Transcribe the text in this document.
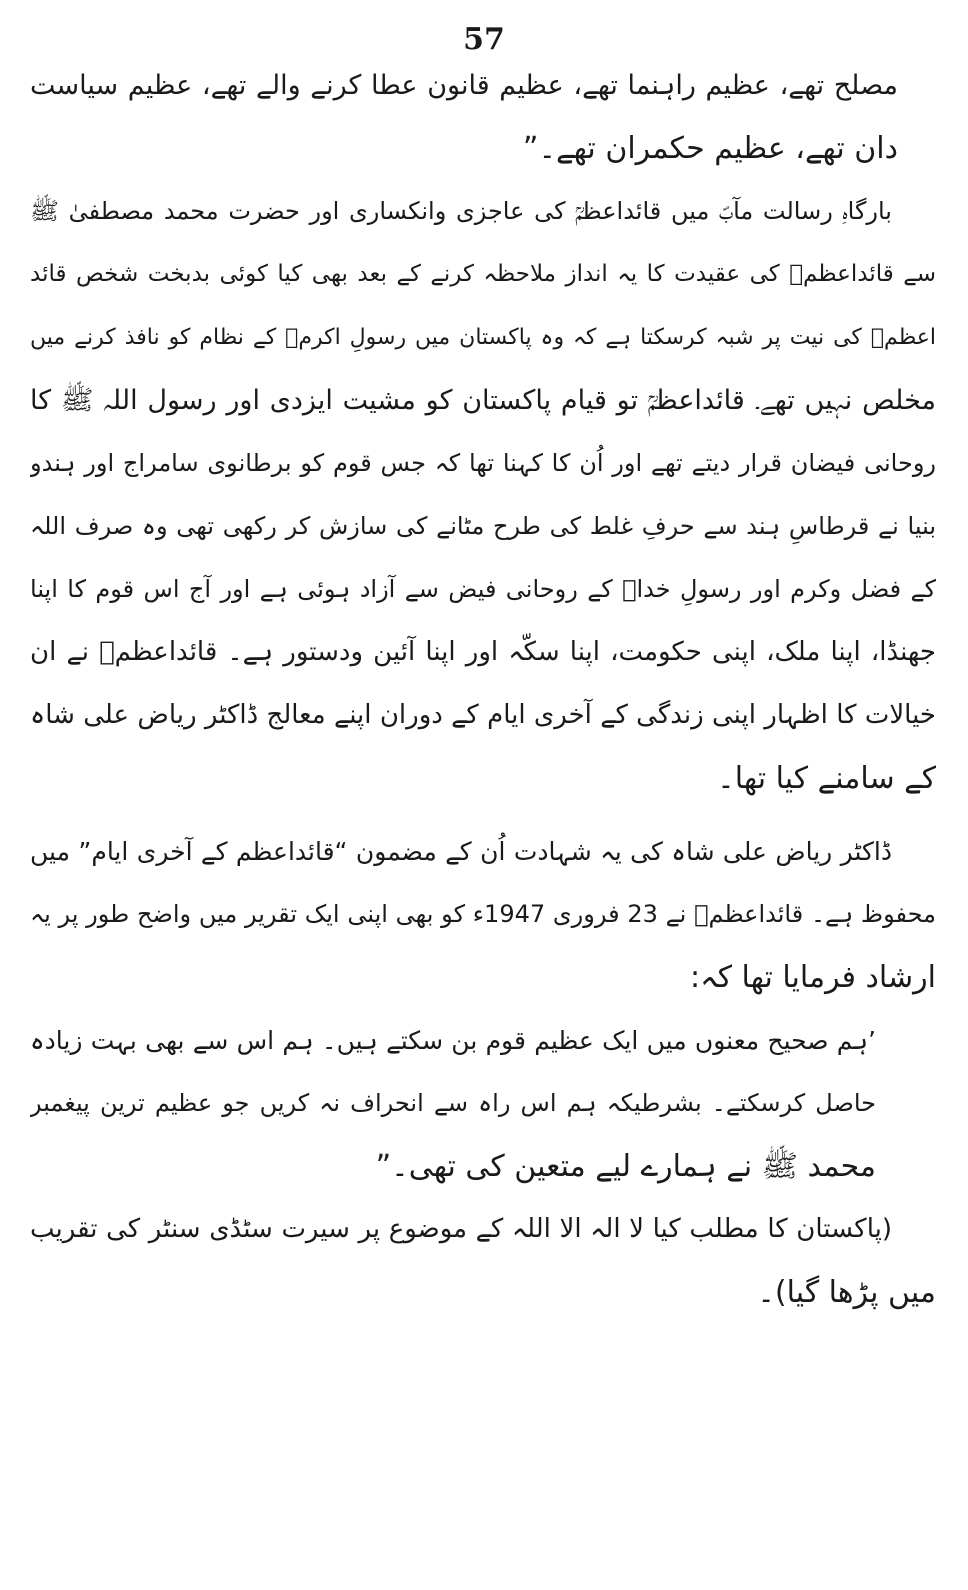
57
مصلح تھے، عظیم راہنما تھے، عظیم قانون عطا کرنے والے تھے، عظیم سیاست
دان تھے، عظیم حکمران تھے۔”
بارگاہِ رسالت مآبؐ میں قائداعظمؒ کی عاجزی وانکساری اور حضرت محمد مصطفیٰ ﷺ
سے قائداعظمؒ کی عقیدت کا یہ انداز ملاحظہ کرنے کے بعد بھی کیا کوئی بدبخت شخص قائد
اعظمؒ کی نیت پر شبہ کرسکتا ہے کہ وہ پاکستان میں رسولِ اکرمؐ کے نظام کو نافذ کرنے میں
مخلص نہیں تھے۔ قائداعظمؒ تو قیام پاکستان کو مشیت ایزدی اور رسول اللہ ﷺ کا
روحانی فیضان قرار دیتے تھے اور اُن کا کہنا تھا کہ جس قوم کو برطانوی سامراج اور ہندو
بنیا نے قرطاسِ ہند سے حرفِ غلط کی طرح مٹانے کی سازش کر رکھی تھی وہ صرف اللہ
کے فضل وکرم اور رسولِ خداؐ کے روحانی فیض سے آزاد ہوئی ہے اور آج اس قوم کا اپنا
جھنڈا، اپنا ملک، اپنی حکومت، اپنا سکّہ اور اپنا آئین ودستور ہے۔ قائداعظمؒ نے ان
خیالات کا اظہار اپنی زندگی کے آخری ایام کے دوران اپنے معالج ڈاکٹر ریاض علی شاہ
کے سامنے کیا تھا۔
ڈاکٹر ریاض علی شاہ کی یہ شہادت اُن کے مضمون “قائداعظم کے آخری ایام” میں
محفوظ ہے۔ قائداعظمؒ نے 23 فروری 1947ء کو بھی اپنی ایک تقریر میں واضح طور پر یہ
ارشاد فرمایا تھا کہ:
’ہم صحیح معنوں میں ایک عظیم قوم بن سکتے ہیں۔ ہم اس سے بھی بہت زیادہ
حاصل کرسکتے۔ بشرطیکہ ہم اس راہ سے انحراف نہ کریں جو عظیم ترین پیغمبر
محمد ﷺ نے ہمارے لیے متعین کی تھی۔”
(پاکستان کا مطلب کیا لا الہ الا اللہ کے موضوع پر سیرت سٹڈی سنٹر کی تقریب
میں پڑھا گیا)۔
